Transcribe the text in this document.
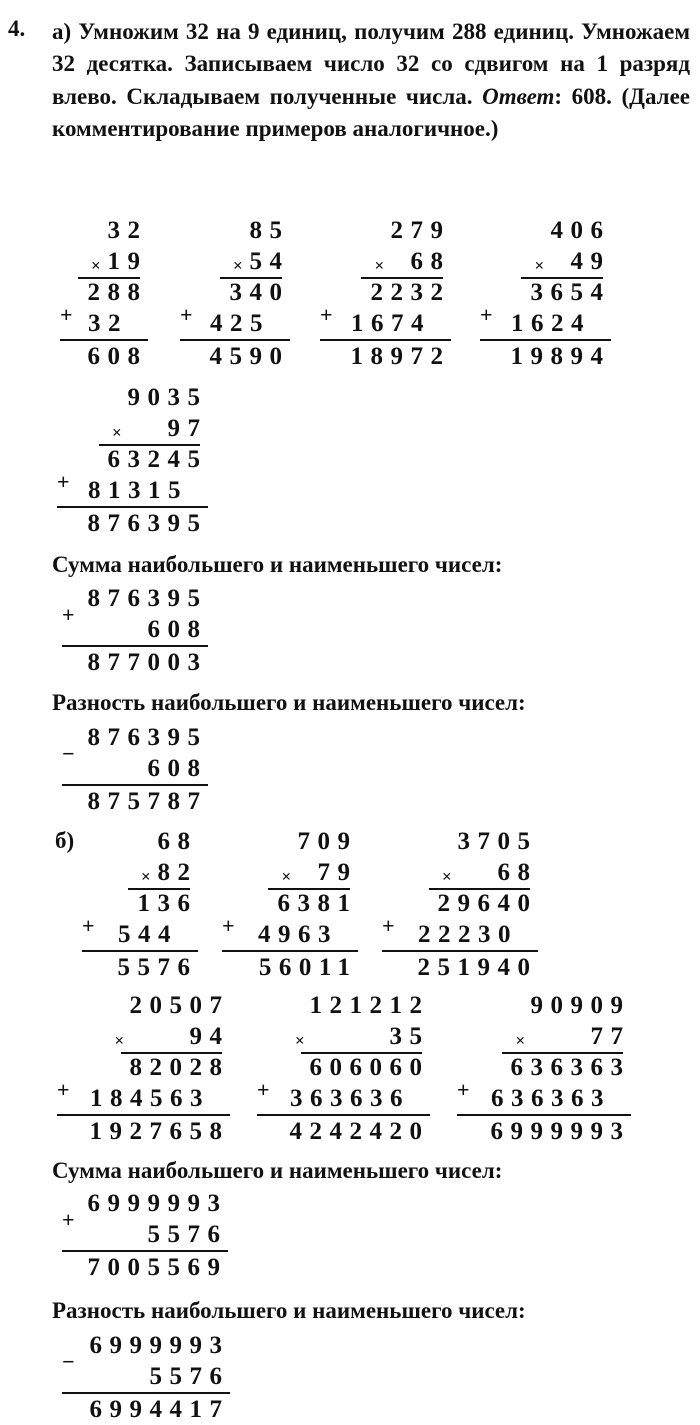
4. а) Умножим 32 на 9 единиц, получим 288 единиц. Умножаем 32 десятка. Записываем число 32 со сдвигом на 1 разряд влево. Складываем полученные числа. Ответ: 608. (Далее комментирование примеров аналогичное.)
Сумма наибольшего и наименьшего чисел:
Разность наибольшего и наименьшего чисел:
б)
Сумма наибольшего и наименьшего чисел:
Разность наибольшего и наименьшего чисел:
32
19
×
288
32
+
608
85
54
×
340
425
+
4590
279
68
×
2232
1674
+
18972
406
49
×
3654
1624
+
19894
9035
97
×
63245
81315
+
876395
68
82
×
136
544
+
5576
709
79
×
6381
4963
+
56011
3705
68
×
29640
22230
+
251940
20507
94
×
82028
184563
+
1927658
121212
35
×
606060
363636
+
4242420
90909
77
×
636363
636363
+
6999993
876395
608
+
877003
876395
608
−
875787
6999993
5576
+
7005569
6999993
5576
−
6994417
